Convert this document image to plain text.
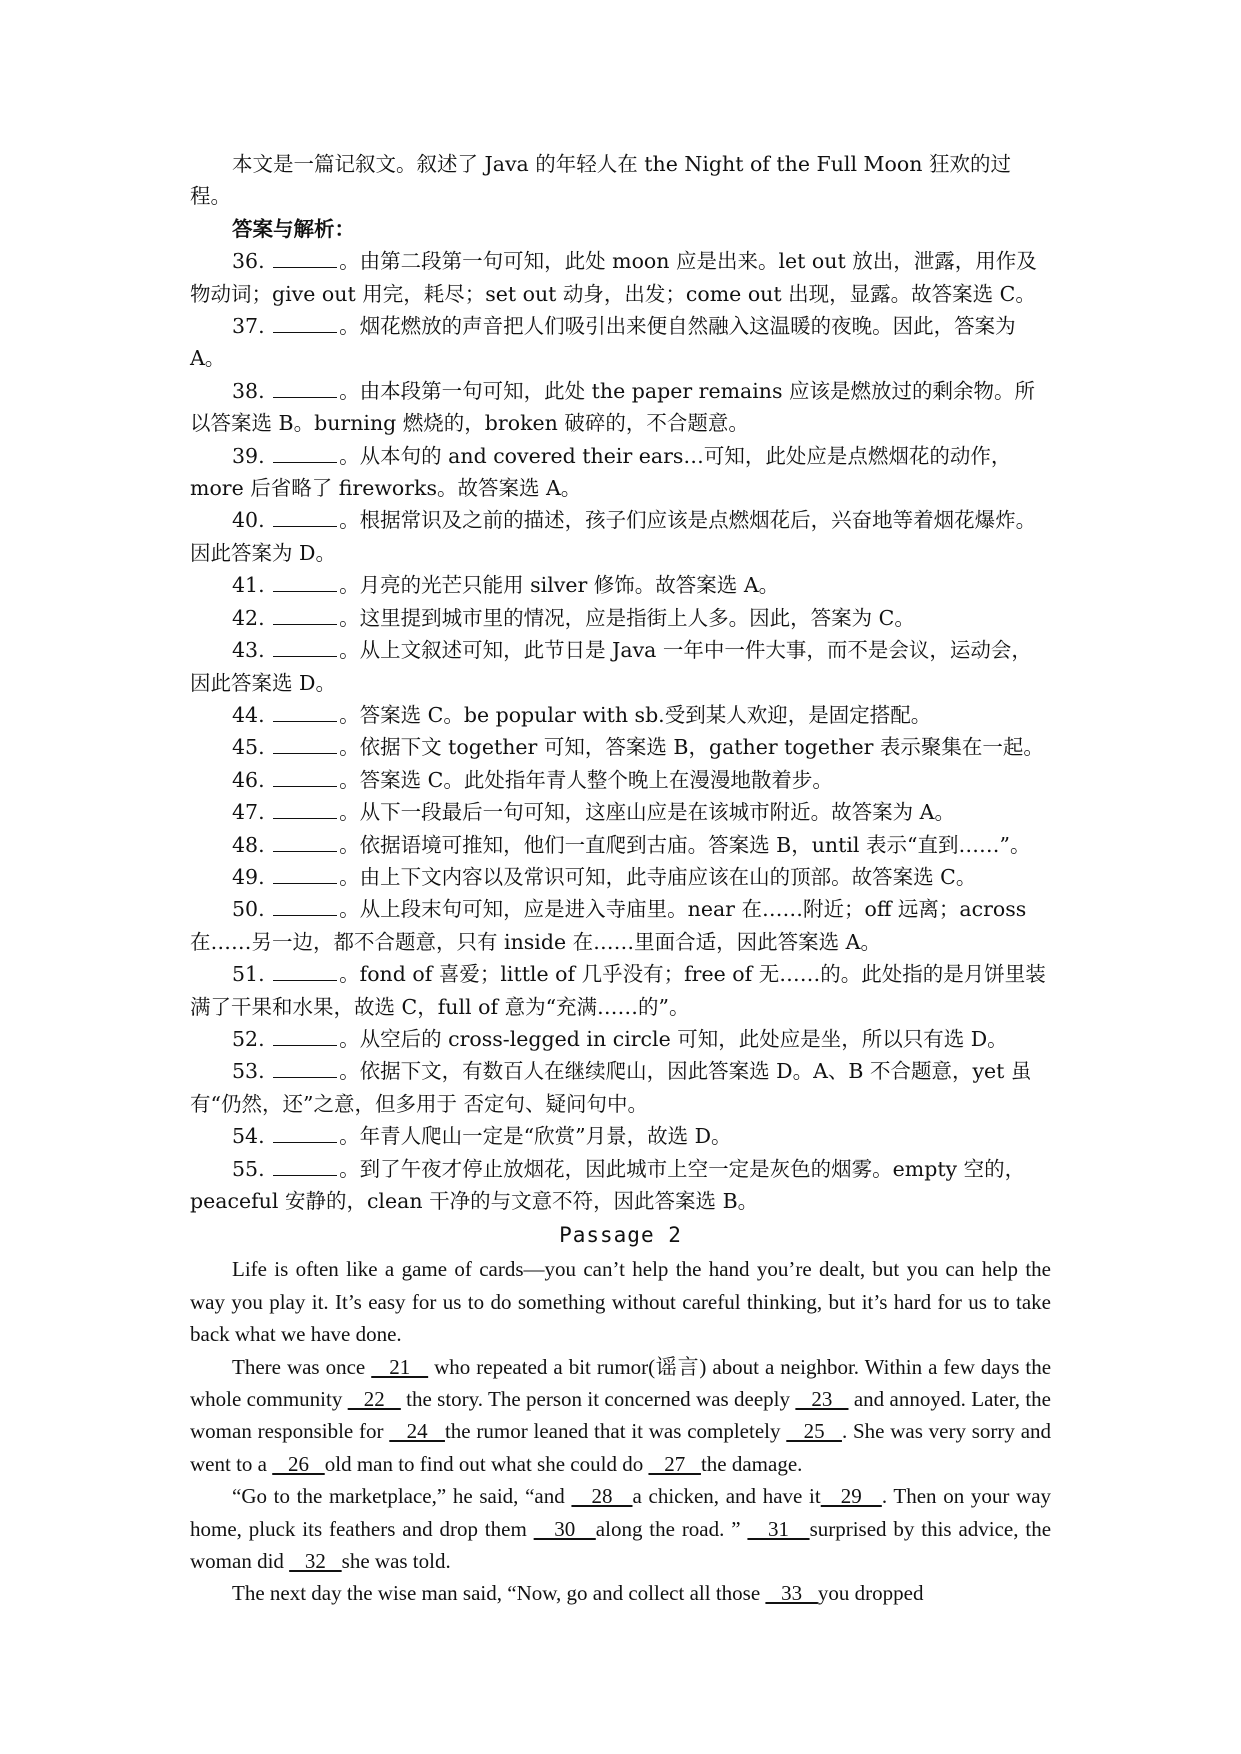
本文是一篇记叙文。叙述了 Java 的年轻人在 the Night of the Full Moon 狂欢的过程。

答案与解析：

36.	。由第二段第一句可知，此处 moon 应是出来。let out 放出，泄露，用作及物动词；give out 用完，耗尽；set out 动身，出发；come out 出现，显露。故答案选 C。

37.	。烟花燃放的声音把人们吸引出来便自然融入这温暖的夜晚。因此，答案为 A。

38.	。由本段第一句可知，此处 the paper remains 应该是燃放过的剩余物。所以答案选 B。burning 燃烧的，broken 破碎的，不合题意。

39.	。从本句的 and covered their ears…可知，此处应是点燃烟花的动作，more 后省略了 fireworks。故答案选 A。

40.	。根据常识及之前的描述，孩子们应该是点燃烟花后，兴奋地等着烟花爆炸。因此答案为 D。

41.	。月亮的光芒只能用 silver 修饰。故答案选 A。

42.	。这里提到城市里的情况，应是指街上人多。因此，答案为 C。

43.	。从上文叙述可知，此节日是 Java 一年中一件大事，而不是会议，运动会，因此答案选 D。

44.	。答案选 C。be popular with sb.受到某人欢迎，是固定搭配。

45.	。依据下文 together 可知，答案选 B，gather together 表示聚集在一起。

46.	。答案选 C。此处指年青人整个晚上在漫漫地散着步。

47.	。从下一段最后一句可知，这座山应是在该城市附近。故答案为 A。

48.	。依据语境可推知，他们一直爬到古庙。答案选 B，until 表示“直到……”。

49.	。由上下文内容以及常识可知，此寺庙应该在山的顶部。故答案选 C。

50.	。从上段末句可知，应是进入寺庙里。near 在……附近；off 远离；across 在……另一边，都不合题意，只有 inside 在……里面合适，因此答案选 A。

51.	。fond of 喜爱；little of 几乎没有；free of 无……的。此处指的是月饼里装满了干果和水果，故选 C，full of 意为“充满……的”。

52.	。从空后的 cross-legged in circle 可知，此处应是坐，所以只有选 D。

53.	。依据下文，有数百人在继续爬山，因此答案选 D。A、B 不合题意，yet 虽有“仍然，还”之意，但多用于 否定句、疑问句中。

54.	。年青人爬山一定是“欣赏”月景，故选 D。

55.	。到了午夜才停止放烟花，因此城市上空一定是灰色的烟雾。empty 空的，peaceful 安静的，clean 干净的与文意不符，因此答案选 B。

Passage 2

Life is often like a game of cards—you can’t help the hand you’re dealt, but you can help the way you play it. It’s easy for us to do something without careful thinking, but it’s hard for us to take back what we have done.

There was once    21    who repeated a bit rumor(谣言) about a neighbor. Within a few days the whole community    22    the story. The person it concerned was deeply    23    and annoyed. Later, the woman responsible for    24   the rumor leaned that it was completely    25   . She was very sorry and went to a    26   old man to find out what she could do    27   the damage.

“Go to the marketplace,” he said, “and    28   a chicken, and have it   29   . Then on your way home, pluck its feathers and drop them    30   along the road. ”    31   surprised by this advice, the woman did    32   she was told.

The next day the wise man said, “Now, go and collect all those    33   you dropped
